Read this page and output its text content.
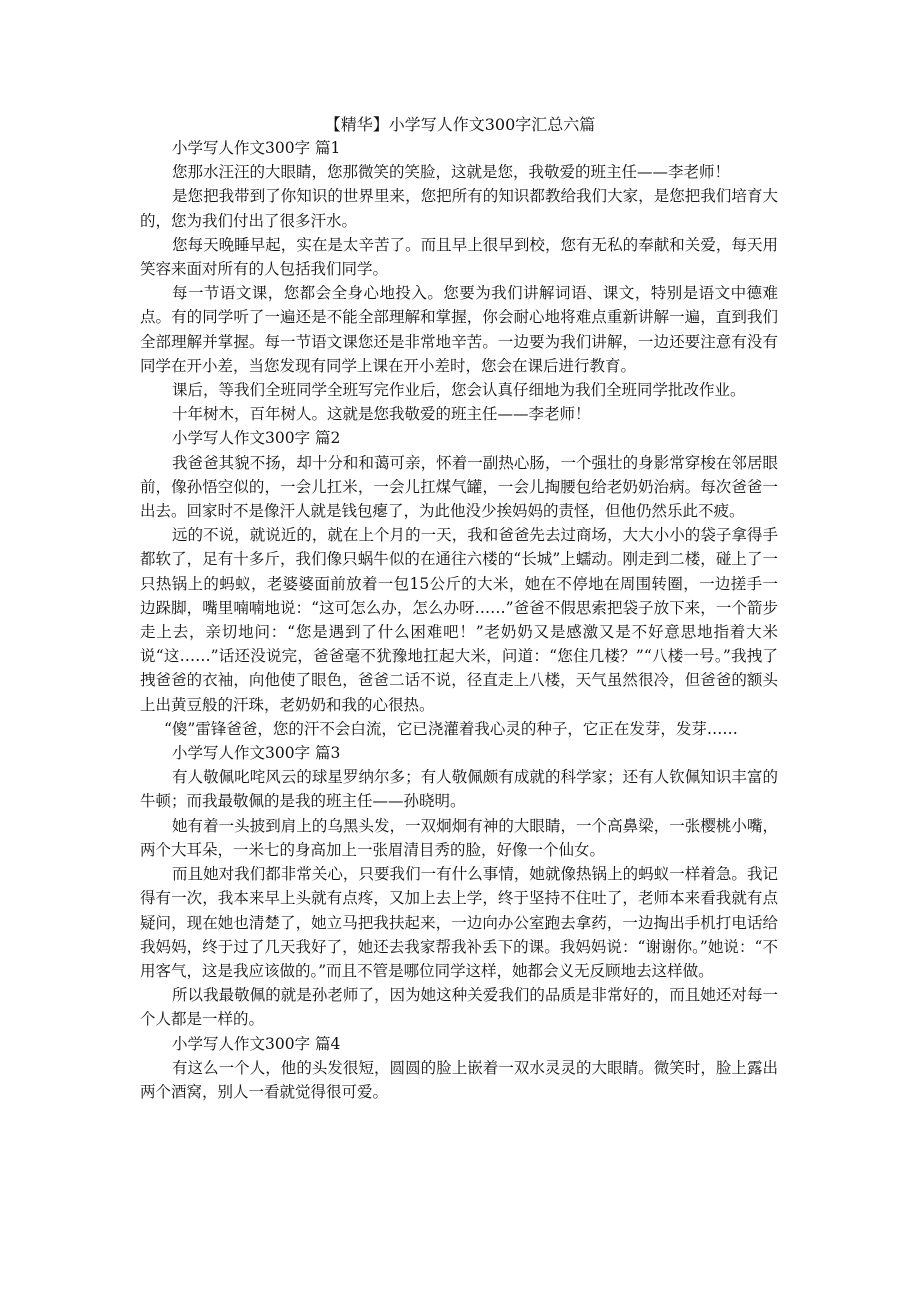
【精华】小学写人作文300字汇总六篇
小学写人作文300字 篇1
您那水汪汪的大眼睛，您那微笑的笑脸，这就是您，我敬爱的班主任——李老师！
是您把我带到了你知识的世界里来，您把所有的知识都教给我们大家，是您把我们培育大的，您为我们付出了很多汗水。
您每天晚睡早起，实在是太辛苦了。而且早上很早到校，您有无私的奉献和关爱，每天用笑容来面对所有的人包括我们同学。
每一节语文课，您都会全身心地投入。您要为我们讲解词语、课文，特别是语文中德难点。有的同学听了一遍还是不能全部理解和掌握，你会耐心地将难点重新讲解一遍，直到我们全部理解并掌握。每一节语文课您还是非常地辛苦。一边要为我们讲解，一边还要注意有没有同学在开小差，当您发现有同学上课在开小差时，您会在课后进行教育。
课后，等我们全班同学全班写完作业后，您会认真仔细地为我们全班同学批改作业。
十年树木，百年树人。这就是您我敬爱的班主任——李老师！
小学写人作文300字 篇2
我爸爸其貌不扬，却十分和和蔼可亲，怀着一副热心肠，一个强壮的身影常穿梭在邻居眼前，像孙悟空似的，一会儿扛米，一会儿扛煤气罐，一会儿掏腰包给老奶奶治病。每次爸爸一出去。回家时不是像汗人就是钱包瘪了，为此他没少挨妈妈的责怪，但他仍然乐此不疲。
远的不说，就说近的，就在上个月的一天，我和爸爸先去过商场，大大小小的袋子拿得手都软了，足有十多斤，我们像只蜗牛似的在通往六楼的“长城”上蠕动。刚走到二楼，碰上了一只热锅上的蚂蚁，老婆婆面前放着一包15公斤的大米，她在不停地在周围转圈，一边搓手一边跺脚，嘴里喃喃地说：“这可怎么办，怎么办呀……”爸爸不假思索把袋子放下来，一个箭步走上去，亲切地问：“您是遇到了什么困难吧！”老奶奶又是感激又是不好意思地指着大米说“这……”话还没说完，爸爸毫不犹豫地扛起大米，问道：“您住几楼？”“八楼一号。”我拽了拽爸爸的衣袖，向他使了眼色，爸爸二话不说，径直走上八楼，天气虽然很冷，但爸爸的额头上出黄豆般的汗珠，老奶奶和我的心很热。
“傻”雷锋爸爸，您的汗不会白流，它已浇灌着我心灵的种子，它正在发芽，发芽……
小学写人作文300字 篇3
有人敬佩叱咤风云的球星罗纳尔多；有人敬佩颇有成就的科学家；还有人钦佩知识丰富的牛顿；而我最敬佩的是我的班主任——孙晓明。
她有着一头披到肩上的乌黑头发，一双炯炯有神的大眼睛，一个高鼻梁，一张樱桃小嘴，两个大耳朵，一米七的身高加上一张眉清目秀的脸，好像一个仙女。
而且她对我们都非常关心，只要我们一有什么事情，她就像热锅上的蚂蚁一样着急。我记得有一次，我本来早上头就有点疼，又加上去上学，终于坚持不住吐了，老师本来看我就有点疑问，现在她也清楚了，她立马把我扶起来，一边向办公室跑去拿药，一边掏出手机打电话给我妈妈，终于过了几天我好了，她还去我家帮我补丢下的课。我妈妈说：“谢谢你。”她说：“不用客气，这是我应该做的。”而且不管是哪位同学这样，她都会义无反顾地去这样做。
所以我最敬佩的就是孙老师了，因为她这种关爱我们的品质是非常好的，而且她还对每一个人都是一样的。
小学写人作文300字 篇4
有这么一个人，他的头发很短，圆圆的脸上嵌着一双水灵灵的大眼睛。微笑时，脸上露出两个酒窝，别人一看就觉得很可爱。
